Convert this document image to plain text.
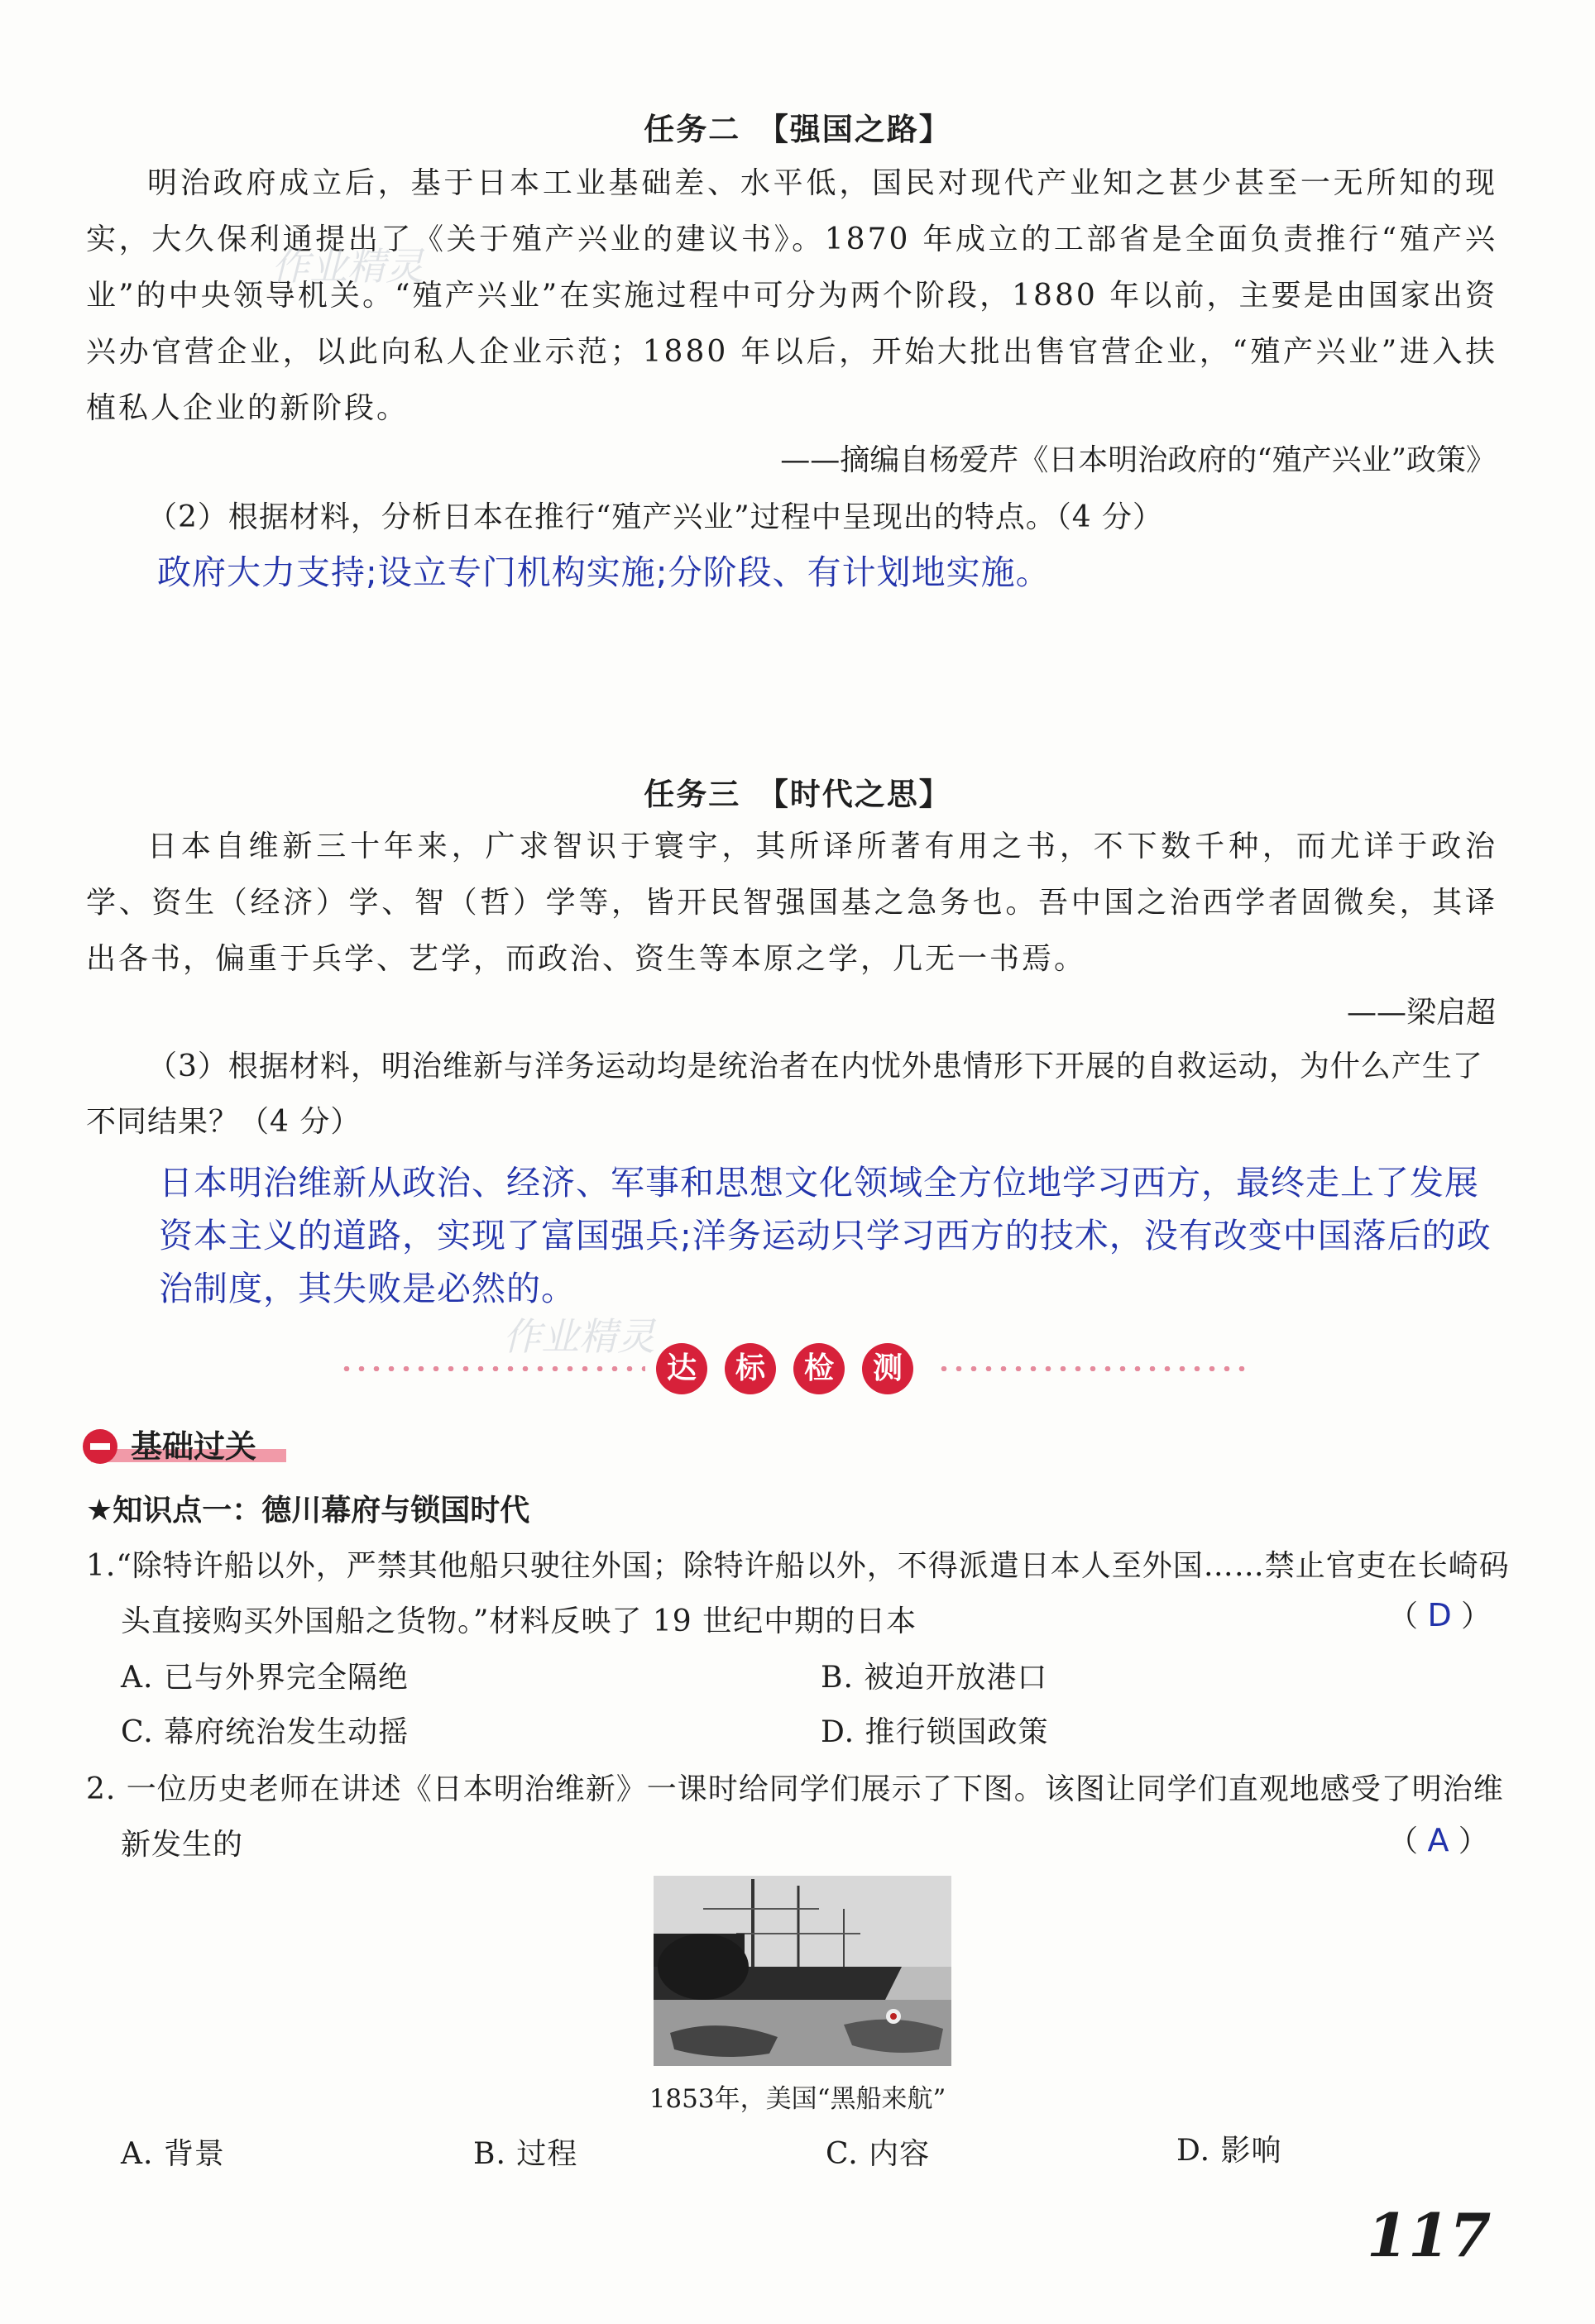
任务二　【强国之路】
明治政府成立后，基于日本工业基础差、水平低，国民对现代产业知之甚少甚至一无所知的现实，大久保利通提出了《关于殖产兴业的建议书》。1870 年成立的工部省是全面负责推行“殖产兴业”的中央领导机关。“殖产兴业”在实施过程中可分为两个阶段，1880 年以前，主要是由国家出资兴办官营企业，以此向私人企业示范；1880 年以后，开始大批出售官营企业，“殖产兴业”进入扶植私人企业的新阶段。
——摘编自杨爱芹《日本明治政府的“殖产兴业”政策》
（2）根据材料，分析日本在推行“殖产兴业”过程中呈现出的特点。（4 分）
政府大力支持;设立专门机构实施;分阶段、有计划地实施。
任务三　【时代之思】
日本自维新三十年来，广求智识于寰宇，其所译所著有用之书，不下数千种，而尤详于政治学、资生（经济）学、智（哲）学等，皆开民智强国基之急务也。吾中国之治西学者固微矣，其译出各书，偏重于兵学、艺学，而政治、资生等本原之学，几无一书焉。
——梁启超
（3）根据材料，明治维新与洋务运动均是统治者在内忧外患情形下开展的自救运动，为什么产生了不同结果？（4 分）
日本明治维新从政治、经济、军事和思想文化领域全方位地学习西方，最终走上了发展资本主义的道路，实现了富国强兵;洋务运动只学习西方的技术，没有改变中国落后的政治制度，其失败是必然的。
作业精灵
作业精灵
达	标	检	测
基础过关
★知识点一：德川幕府与锁国时代
1.“除特许船以外，严禁其他船只驶往外国；除特许船以外，不得派遣日本人至外国……禁止官吏在长崎码头直接购买外国船之货物。”材料反映了 19 世纪中期的日本	（ D ）
A. 已与外界完全隔绝	B. 被迫开放港口
C. 幕府统治发生动摇	D. 推行锁国政策
2. 一位历史老师在讲述《日本明治维新》一课时给同学们展示了下图。该图让同学们直观地感受了明治维新发生的	（ A ）
1853年，美国“黑船来航”
A. 背景	B. 过程	C. 内容	D. 影响
117
